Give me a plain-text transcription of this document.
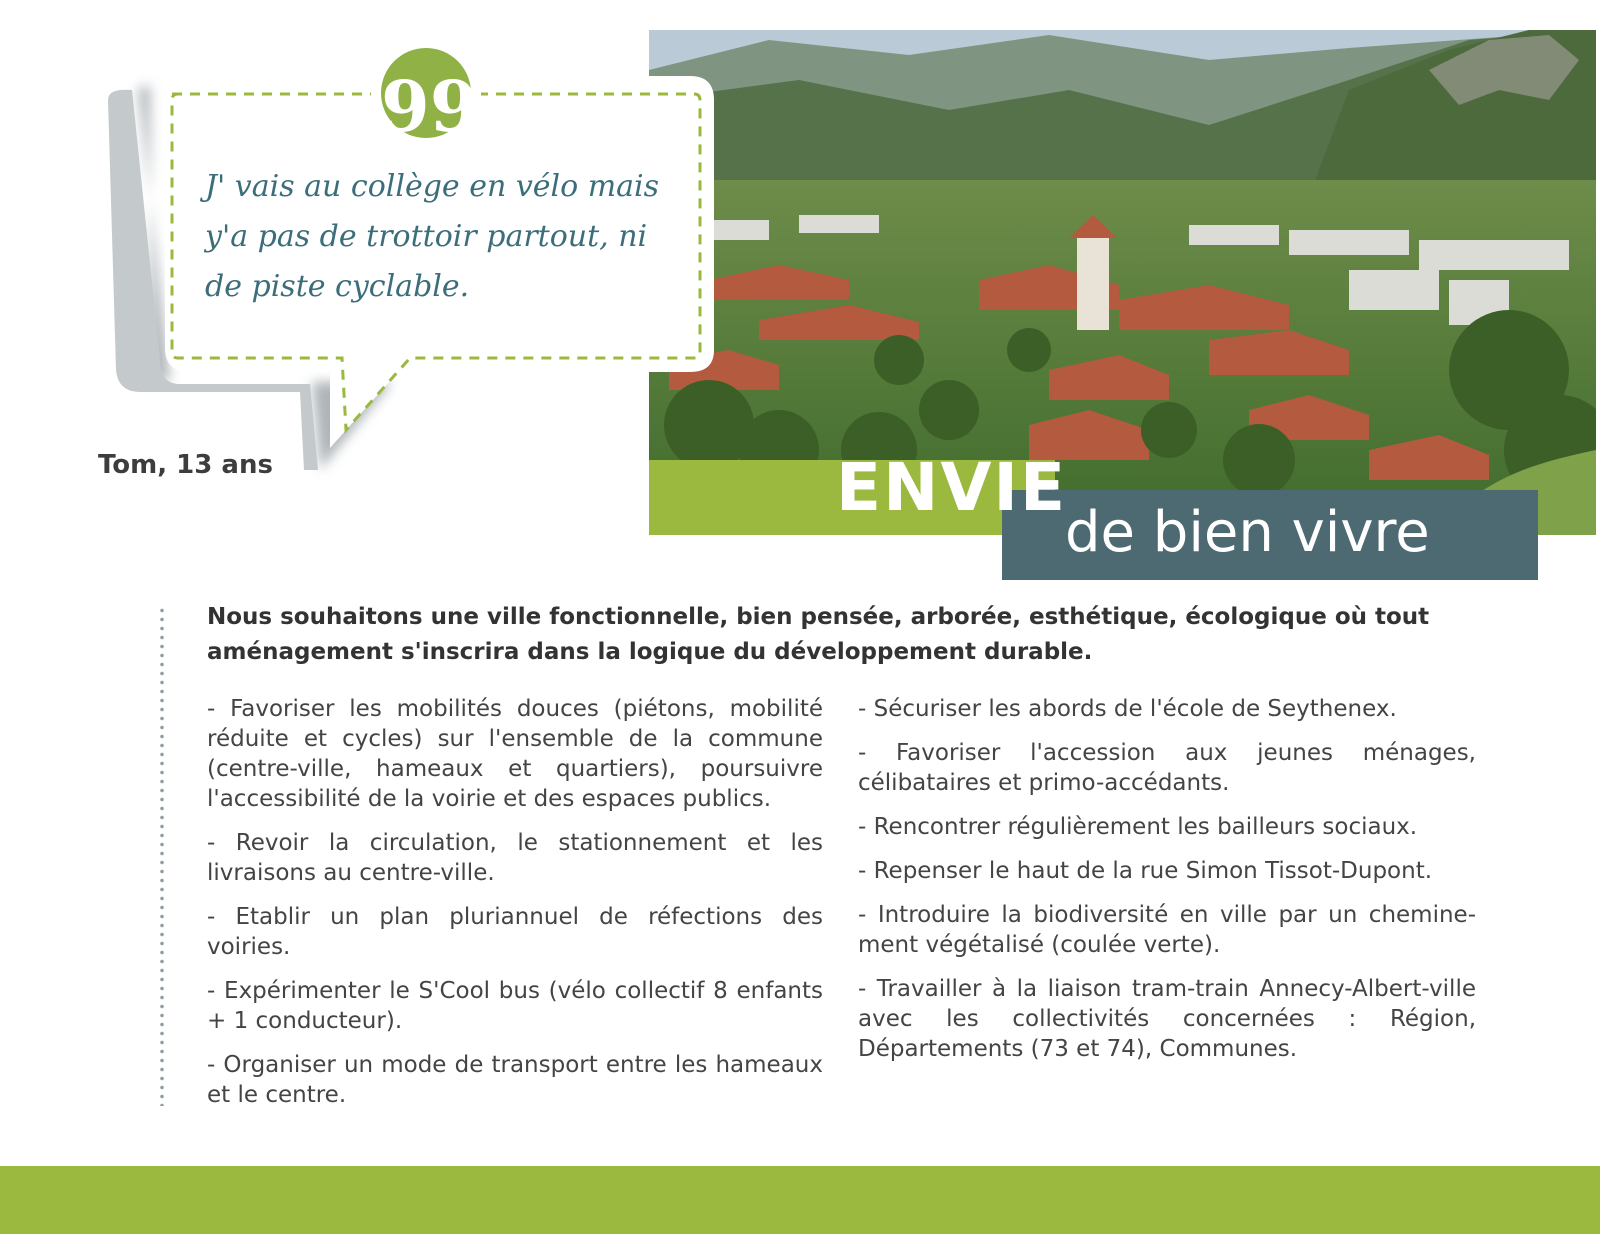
ENVIE
de bien vivre
J' vais au collège en vélo mais y'a pas de trottoir partout, ni de piste cyclable.
99
Tom, 13 ans
Nous souhaitons une ville fonctionnelle, bien pensée, arborée, esthétique, écologique où tout aménagement s'inscrira dans la logique du développement durable.

- Favoriser les mobilités douces (piétons, mobilité réduite et cycles) sur l'ensemble de la commune (centre-ville, hameaux et quartiers), poursuivre l'accessibilité de la voirie et des espaces publics.

- Revoir la circulation, le stationnement et les livraisons au centre-ville.

- Etablir un plan pluriannuel de réfections des voiries.

- Expérimenter le S'Cool bus (vélo collectif 8 enfants + 1 conducteur).

- Organiser un mode de transport entre les hameaux et le centre.

- Sécuriser les abords de l'école de Seythenex.

- Favoriser l'accession aux jeunes ménages, célibataires et primo-accédants.

- Rencontrer régulièrement les bailleurs sociaux.

- Repenser le haut de la rue Simon Tissot-Dupont.

- Introduire la biodiversité en ville par un chemine-ment végétalisé (coulée verte).

- Travailler à la liaison tram-train Annecy-Albert-ville avec les collectivités concernées : Région, Départements (73 et 74), Communes.
